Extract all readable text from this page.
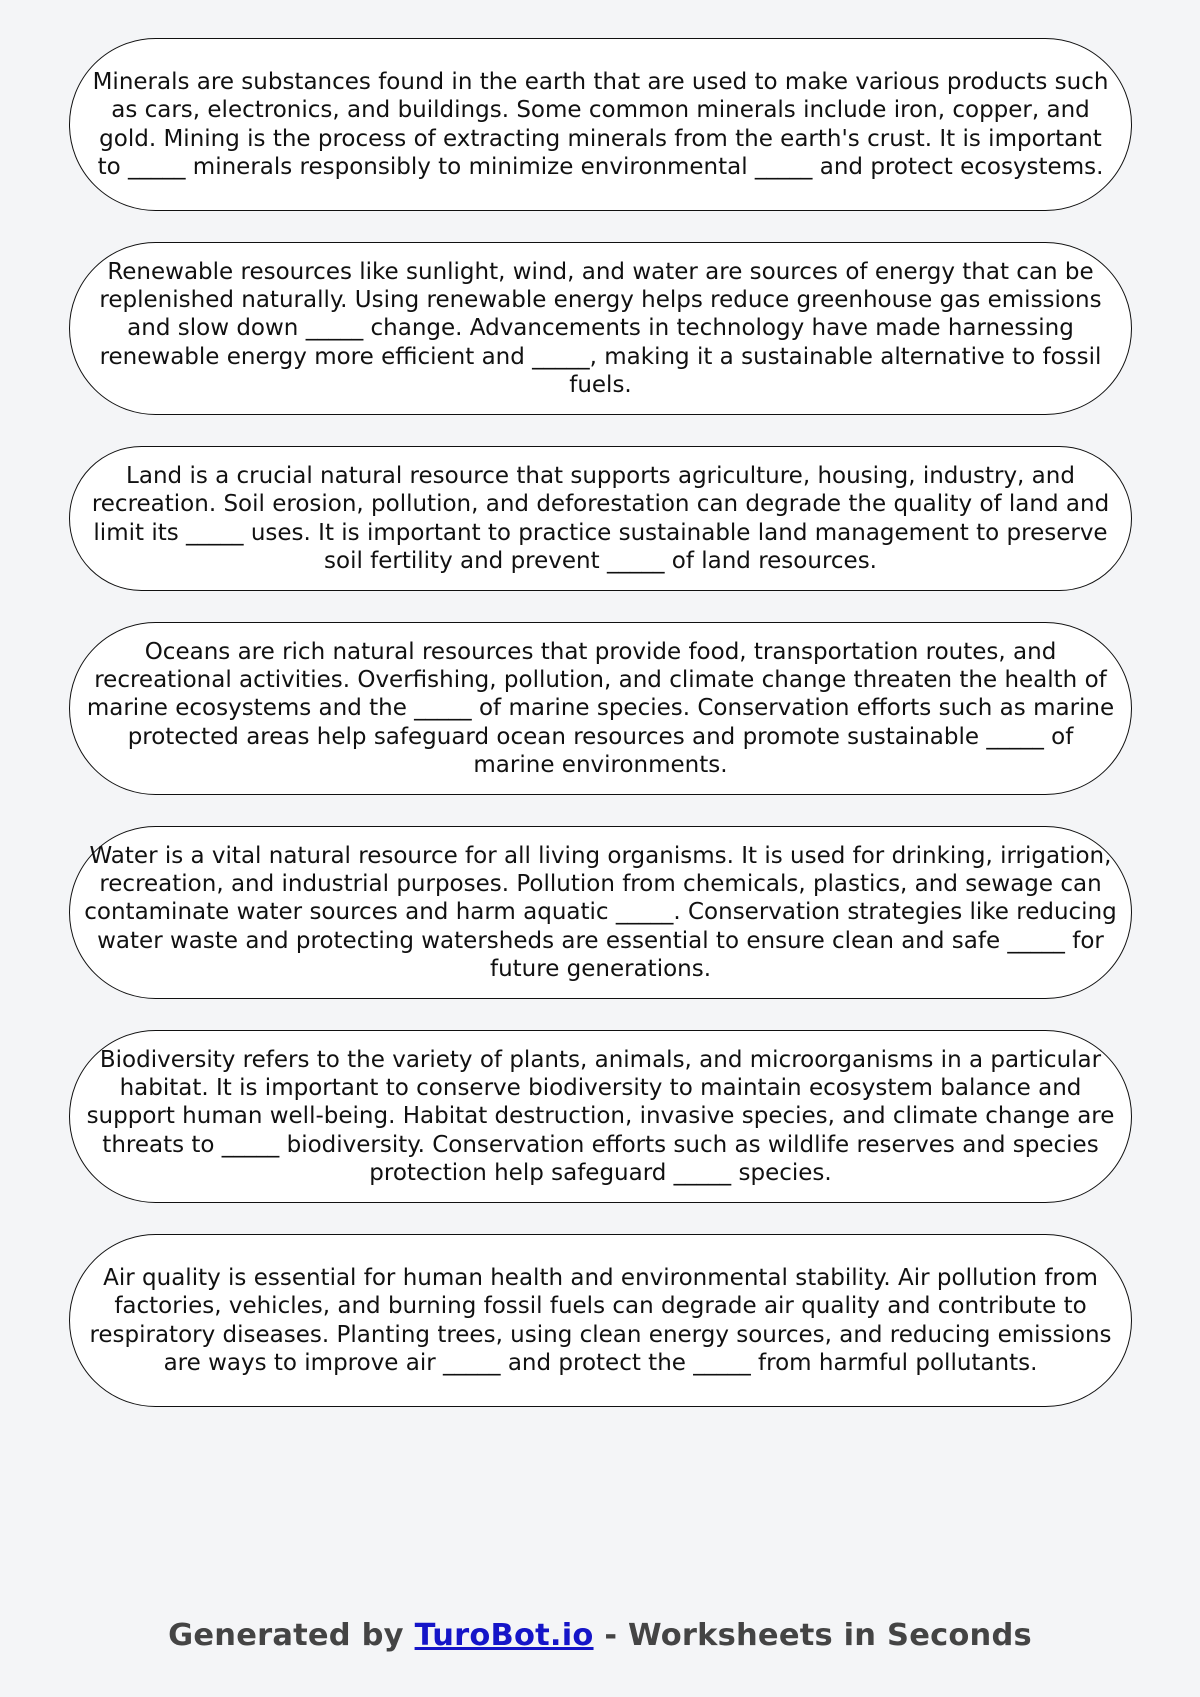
Minerals are substances found in the earth that are used to make various products such as cars, electronics, and buildings. Some common minerals include iron, copper, and gold. Mining is the process of extracting minerals from the earth's crust. It is important to _____ minerals responsibly to minimize environmental _____ and protect ecosystems.

Renewable resources like sunlight, wind, and water are sources of energy that can be replenished naturally. Using renewable energy helps reduce greenhouse gas emissions and slow down _____ change. Advancements in technology have made harnessing renewable energy more efficient and _____, making it a sustainable alternative to fossil fuels.

Land is a crucial natural resource that supports agriculture, housing, industry, and recreation. Soil erosion, pollution, and deforestation can degrade the quality of land and limit its _____ uses. It is important to practice sustainable land management to preserve soil fertility and prevent _____ of land resources.

Oceans are rich natural resources that provide food, transportation routes, and recreational activities. Overfishing, pollution, and climate change threaten the health of marine ecosystems and the _____ of marine species. Conservation efforts such as marine protected areas help safeguard ocean resources and promote sustainable _____ of marine environments.

Water is a vital natural resource for all living organisms. It is used for drinking, irrigation, recreation, and industrial purposes. Pollution from chemicals, plastics, and sewage can contaminate water sources and harm aquatic _____. Conservation strategies like reducing water waste and protecting watersheds are essential to ensure clean and safe _____ for future generations.

Biodiversity refers to the variety of plants, animals, and microorganisms in a particular habitat. It is important to conserve biodiversity to maintain ecosystem balance and support human well-being. Habitat destruction, invasive species, and climate change are threats to _____ biodiversity. Conservation efforts such as wildlife reserves and species protection help safeguard _____ species.

Air quality is essential for human health and environmental stability. Air pollution from factories, vehicles, and burning fossil fuels can degrade air quality and contribute to respiratory diseases. Planting trees, using clean energy sources, and reducing emissions are ways to improve air _____ and protect the _____ from harmful pollutants.

Generated by TuroBot.io - Worksheets in Seconds
